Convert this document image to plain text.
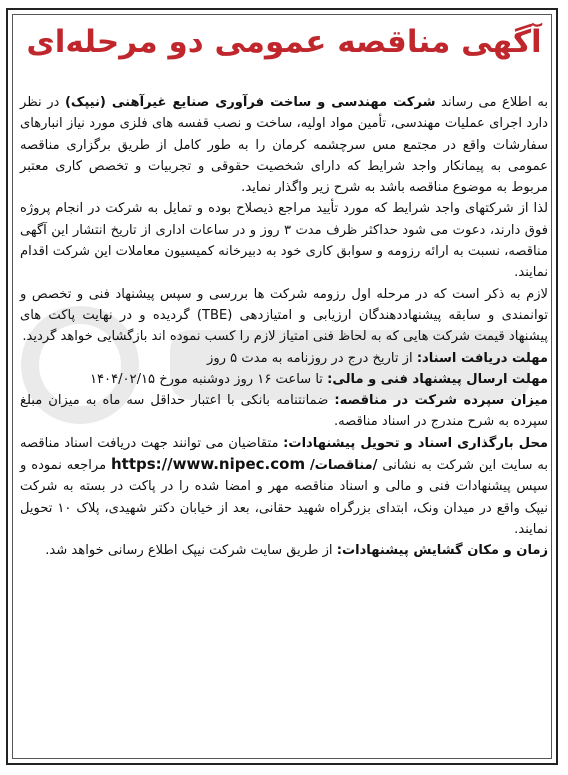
آگهی مناقصه عمومی دو مرحله‌ای

به اطلاع می رساند شرکت مهندسی و ساخت فرآوری صنایع غیرآهنی (نیپک) در نظر دارد اجرای عملیات مهندسی، تأمین مواد اولیه، ساخت و نصب قفسه های فلزی مورد نیاز انبارهای سفارشات واقع در مجتمع مس سرچشمه کرمان را به طور کامل از طریق برگزاری مناقصه عمومی به پیمانکار واجد شرایط که دارای شخصیت حقوقی و تجربیات و تخصص کاری معتبر مربوط به موضوع مناقصه باشد به شرح زیر واگذار نماید.

لذا از شرکتهای واجد شرایط که مورد تأیید مراجع ذیصلاح بوده و تمایل به شرکت در انجام پروژه فوق دارند، دعوت می شود حداکثر ظرف مدت ۳ روز و در ساعات اداری از تاریخ انتشار این آگهی مناقصه، نسبت به ارائه رزومه و سوابق کاری خود به دبیرخانه کمیسیون معاملات این شرکت اقدام نمایند.

لازم به ذکر است که در مرحله اول رزومه شرکت ها بررسی و سپس پیشنهاد فنی و تخصص و توانمندی و سابقه پیشنهاددهندگان ارزیابی و امتیازدهی (TBE) گردیده و در نهایت پاکت های پیشنهاد قیمت شرکت هایی که به لحاظ فنی امتیاز لازم را کسب نموده اند بازگشایی خواهد گردید.

مهلت دریافت اسناد: از تاریخ درج در روزنامه به مدت ۵ روز

مهلت ارسال پیشنهاد فنی و مالی: تا ساعت ۱۶ روز دوشنبه مورخ ۱۴۰۴/۰۲/۱۵

میزان سپرده شرکت در مناقصه: ضمانتنامه بانکی با اعتبار حداقل سه ماه به میزان مبلغ سپرده به شرح مندرج در اسناد مناقصه.

محل بارگذاری اسناد و تحویل پیشنهادات: متقاضیان می توانند جهت دریافت اسناد مناقصه به سایت این شرکت به نشانی /مناقصات/ https://www.nipec.com مراجعه نموده و سپس پیشنهادات فنی و مالی و اسناد مناقصه مهر و امضا شده را در پاکت در بسته به شرکت نیپک واقع در میدان ونک، ابتدای بزرگراه شهید حقانی، بعد از خیابان دکتر شهیدی، پلاک ۱۰ تحویل نمایند.

زمان و مکان گشایش پیشنهادات: از طریق سایت شرکت نیپک اطلاع رسانی خواهد شد.
